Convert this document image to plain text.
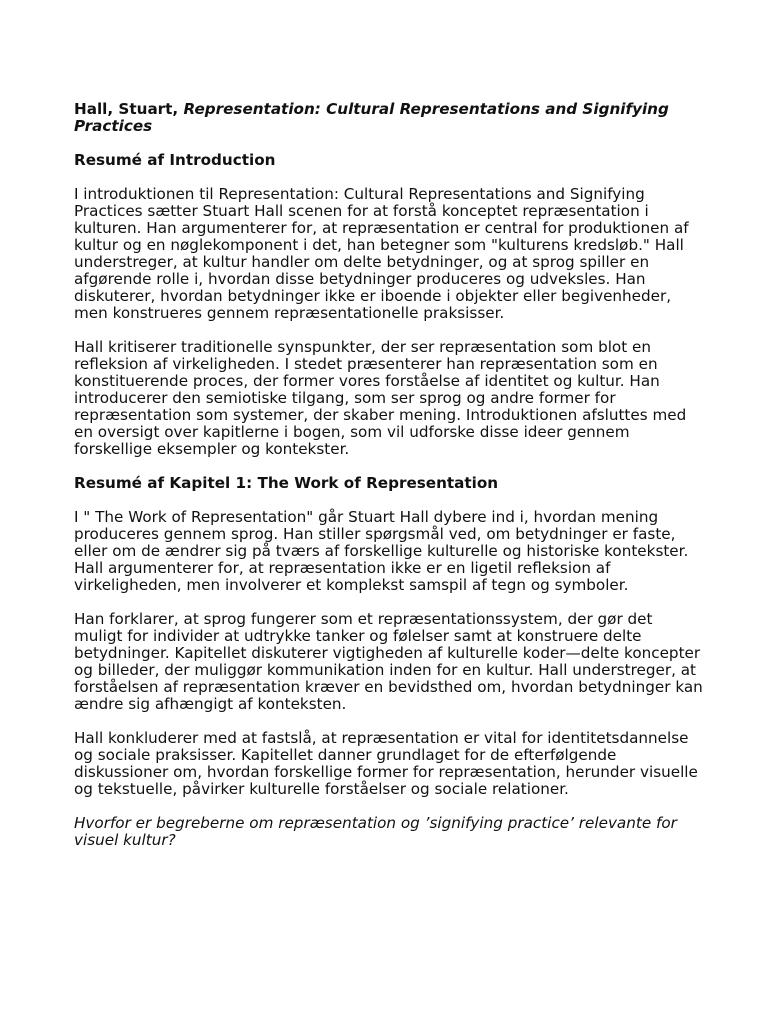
Hall, Stuart, Representation: Cultural Representations and Signifying Practices
Resumé af Introduction

I introduktionen til Representation: Cultural Representations and Signifying Practices sætter Stuart Hall scenen for at forstå konceptet repræsentation i kulturen. Han argumenterer for, at repræsentation er central for produktionen af kultur og en nøglekomponent i det, han betegner som "kulturens kredsløb." Hall understreger, at kultur handler om delte betydninger, og at sprog spiller en afgørende rolle i, hvordan disse betydninger produceres og udveksles. Han diskuterer, hvordan betydninger ikke er iboende i objekter eller begivenheder, men konstrueres gennem repræsentationelle praksisser.

Hall kritiserer traditionelle synspunkter, der ser repræsentation som blot en refleksion af virkeligheden. I stedet præsenterer han repræsentation som en konstituerende proces, der former vores forståelse af identitet og kultur. Han introducerer den semiotiske tilgang, som ser sprog og andre former for repræsentation som systemer, der skaber mening. Introduktionen afsluttes med en oversigt over kapitlerne i bogen, som vil udforske disse ideer gennem forskellige eksempler og kontekster.

Resumé af Kapitel 1: The Work of Representation

I " The Work of Representation" går Stuart Hall dybere ind i, hvordan mening produceres gennem sprog. Han stiller spørgsmål ved, om betydninger er faste, eller om de ændrer sig på tværs af forskellige kulturelle og historiske kontekster. Hall argumenterer for, at repræsentation ikke er en ligetil refleksion af virkeligheden, men involverer et komplekst samspil af tegn og symboler.

Han forklarer, at sprog fungerer som et repræsentationssystem, der gør det muligt for individer at udtrykke tanker og følelser samt at konstruere delte betydninger. Kapitellet diskuterer vigtigheden af kulturelle koder—delte koncepter og billeder, der muliggør kommunikation inden for en kultur. Hall understreger, at forståelsen af repræsentation kræver en bevidsthed om, hvordan betydninger kan ændre sig afhængigt af konteksten.

Hall konkluderer med at fastslå, at repræsentation er vital for identitetsdannelse og sociale praksisser. Kapitellet danner grundlaget for de efterfølgende diskussioner om, hvordan forskellige former for repræsentation, herunder visuelle og tekstuelle, påvirker kulturelle forståelser og sociale relationer.

Hvorfor er begreberne om repræsentation og ’signifying practice’ relevante for visuel kultur?
